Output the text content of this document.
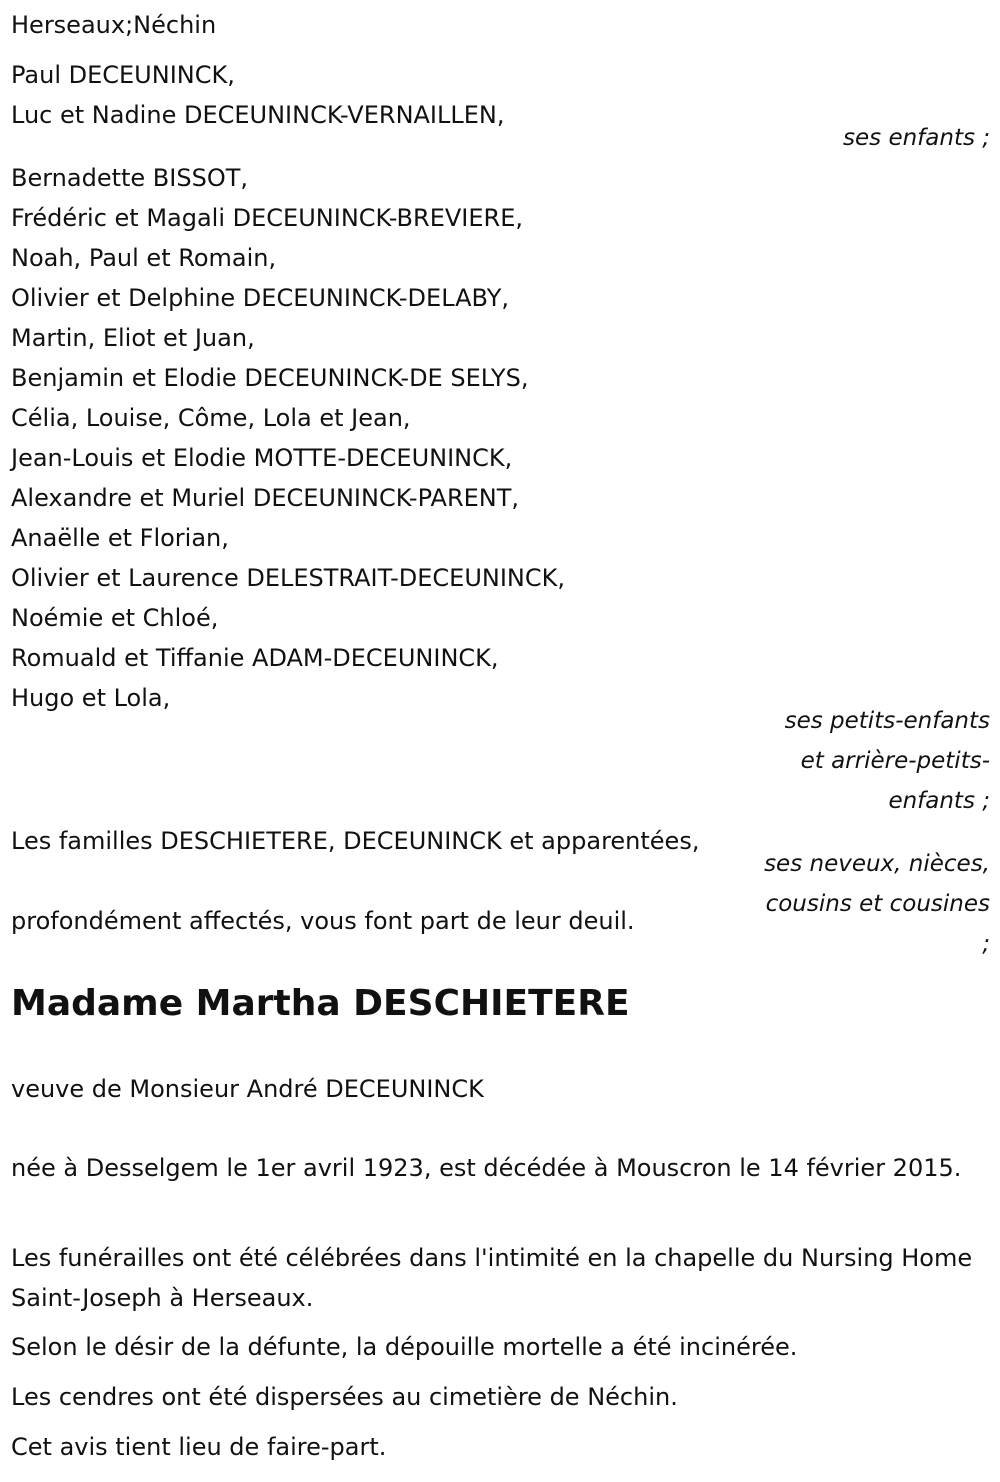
Herseaux;Néchin
Paul DECEUNINCK,
Luc et Nadine DECEUNINCK-VERNAILLEN,
ses enfants ;
Bernadette BISSOT,
Frédéric et Magali DECEUNINCK-BREVIERE,
Noah, Paul et Romain,
Olivier et Delphine DECEUNINCK-DELABY,
Martin, Eliot et Juan,
Benjamin et Elodie DECEUNINCK-DE SELYS,
Célia, Louise, Côme, Lola et Jean,
Jean-Louis et Elodie MOTTE-DECEUNINCK,
Alexandre et Muriel DECEUNINCK-PARENT,
Anaëlle et Florian,
Olivier et Laurence DELESTRAIT-DECEUNINCK,
Noémie et Chloé,
Romuald et Tiffanie ADAM-DECEUNINCK,
Hugo et Lola,
ses petits-enfants
et arrière-petits-
enfants ;
Les familles DESCHIETERE, DECEUNINCK et apparentées,
ses neveux, nièces,
cousins et cousines
profondément affectés, vous font part de leur deuil.
;
Madame Martha DESCHIETERE
veuve de Monsieur André DECEUNINCK
née à Desselgem le 1er avril 1923, est décédée à Mouscron le 14 février 2015.
Les funérailles ont été célébrées dans l'intimité en la chapelle du Nursing Home Saint-Joseph à Herseaux.
Selon le désir de la défunte, la dépouille mortelle a été incinérée.
Les cendres ont été dispersées au cimetière de Néchin.
Cet avis tient lieu de faire-part.
